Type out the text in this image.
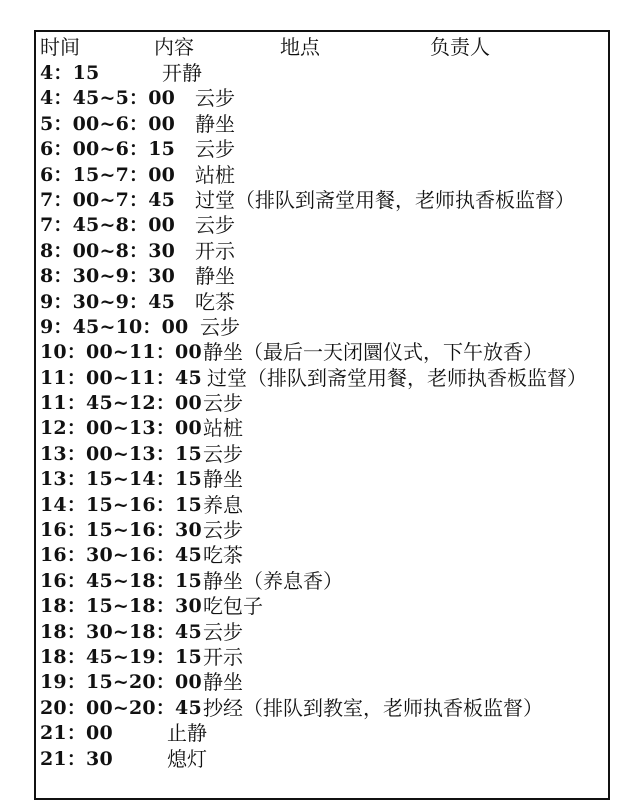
时间	内容	地点	负责人
4：15	开静
4：45~5：00 云步
5：00~6：00 静坐
6：00~6：15 云步
6：15~7：00 站桩
7：00~7：45 过堂（排队到斋堂用餐，老师执香板监督）
7：45~8：00 云步
8：00~8：30 开示
8：30~9：30 静坐
9：30~9：45 吃茶
9：45~10：00 云步
10：00~11：00 静坐（最后一天闭圜仪式，下午放香）
11：00~11：45 过堂（排队到斋堂用餐，老师执香板监督）
11：45~12：00 云步
12：00~13：00 站桩
13：00~13：15 云步
13：15~14：15 静坐
14：15~16：15 养息
16：15~16：30 云步
16：30~16：45 吃茶
16：45~18：15 静坐（养息香）
18：15~18：30 吃包子
18：30~18：45 云步
18：45~19：15 开示
19：15~20：00 静坐
20：00~20：45 抄经（排队到教室，老师执香板监督）
21：00	止静
21：30	熄灯
